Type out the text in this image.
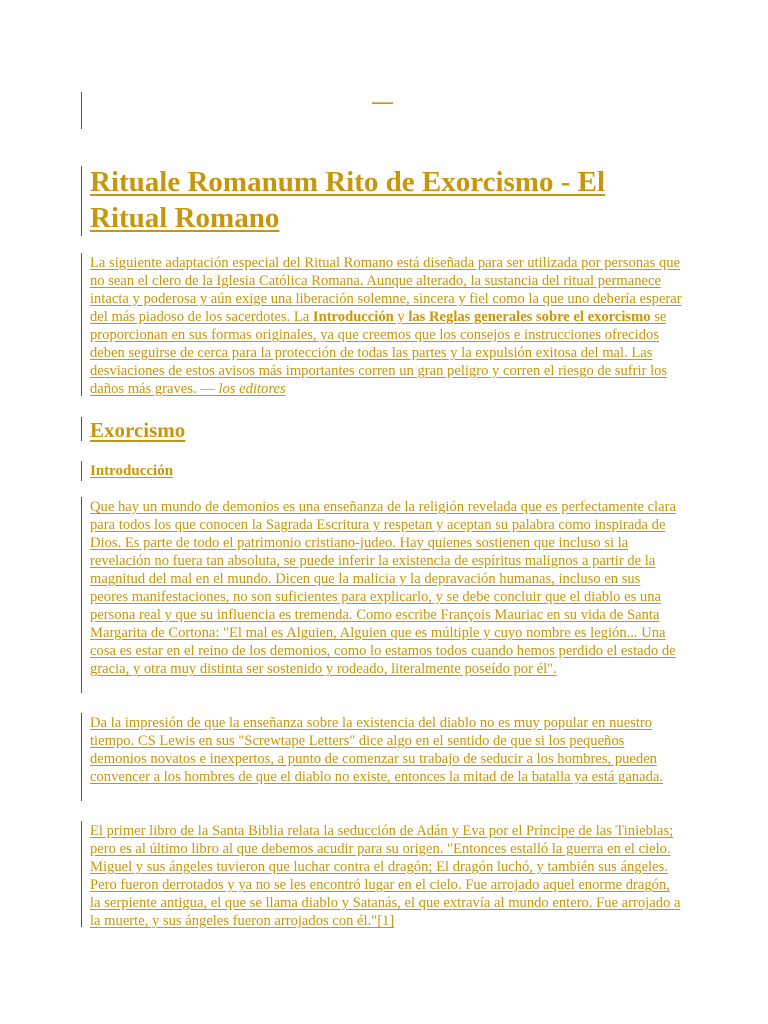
___
Rituale Romanum Rito de Exorcismo - El Ritual Romano

La siguiente adaptación especial del Ritual Romano está diseñada para ser utilizada por personas que no sean el clero de la Iglesia Católica Romana. Aunque alterado, la sustancia del ritual permanece intacta y poderosa y aún exige una liberación solemne, sincera y fiel como la que uno debería esperar del más piadoso de los sacerdotes. La Introducción y las Reglas generales sobre el exorcismo se proporcionan en sus formas originales, ya que creemos que los consejos e instrucciones ofrecidos deben seguirse de cerca para la protección de todas las partes y la expulsión exitosa del mal. Las desviaciones de estos avisos más importantes corren un gran peligro y corren el riesgo de sufrir los daños más graves. — los editores

Exorcismo
Introducción

Que hay un mundo de demonios es una enseñanza de la religión revelada que es perfectamente clara para todos los que conocen la Sagrada Escritura y respetan y aceptan su palabra como inspirada de Dios. Es parte de todo el patrimonio cristiano-judeo. Hay quienes sostienen que incluso si la revelación no fuera tan absoluta, se puede inferir la existencia de espíritus malignos a partir de la magnitud del mal en el mundo. Dicen que la malicia y la depravación humanas, incluso en sus peores manifestaciones, no son suficientes para explicarlo, y se debe concluir que el diablo es una persona real y que su influencia es tremenda. Como escribe François Mauriac en su vida de Santa Margarita de Cortona: "El mal es Alguien, Alguien que es múltiple y cuyo nombre es legión... Una cosa es estar en el reino de los demonios, como lo estamos todos cuando hemos perdido el estado de gracia, y otra muy distinta ser sostenido y rodeado, literalmente poseído por él".

Da la impresión de que la enseñanza sobre la existencia del diablo no es muy popular en nuestro tiempo. CS Lewis en sus "Screwtape Letters" dice algo en el sentido de que si los pequeños demonios novatos e inexpertos, a punto de comenzar su trabajo de seducir a los hombres, pueden convencer a los hombres de que el diablo no existe, entonces la mitad de la batalla ya está ganada.

El primer libro de la Santa Biblia relata la seducción de Adán y Eva por el Príncipe de las Tinieblas; pero es al último libro al que debemos acudir para su origen. "Entonces estalló la guerra en el cielo. Miguel y sus ángeles tuvieron que luchar contra el dragón; El dragón luchó, y también sus ángeles. Pero fueron derrotados y ya no se les encontró lugar en el cielo. Fue arrojado aquel enorme dragón, la serpiente antigua, el que se llama diablo y Satanás, el que extravía al mundo entero. Fue arrojado a la muerte, y sus ángeles fueron arrojados con él."[1]
